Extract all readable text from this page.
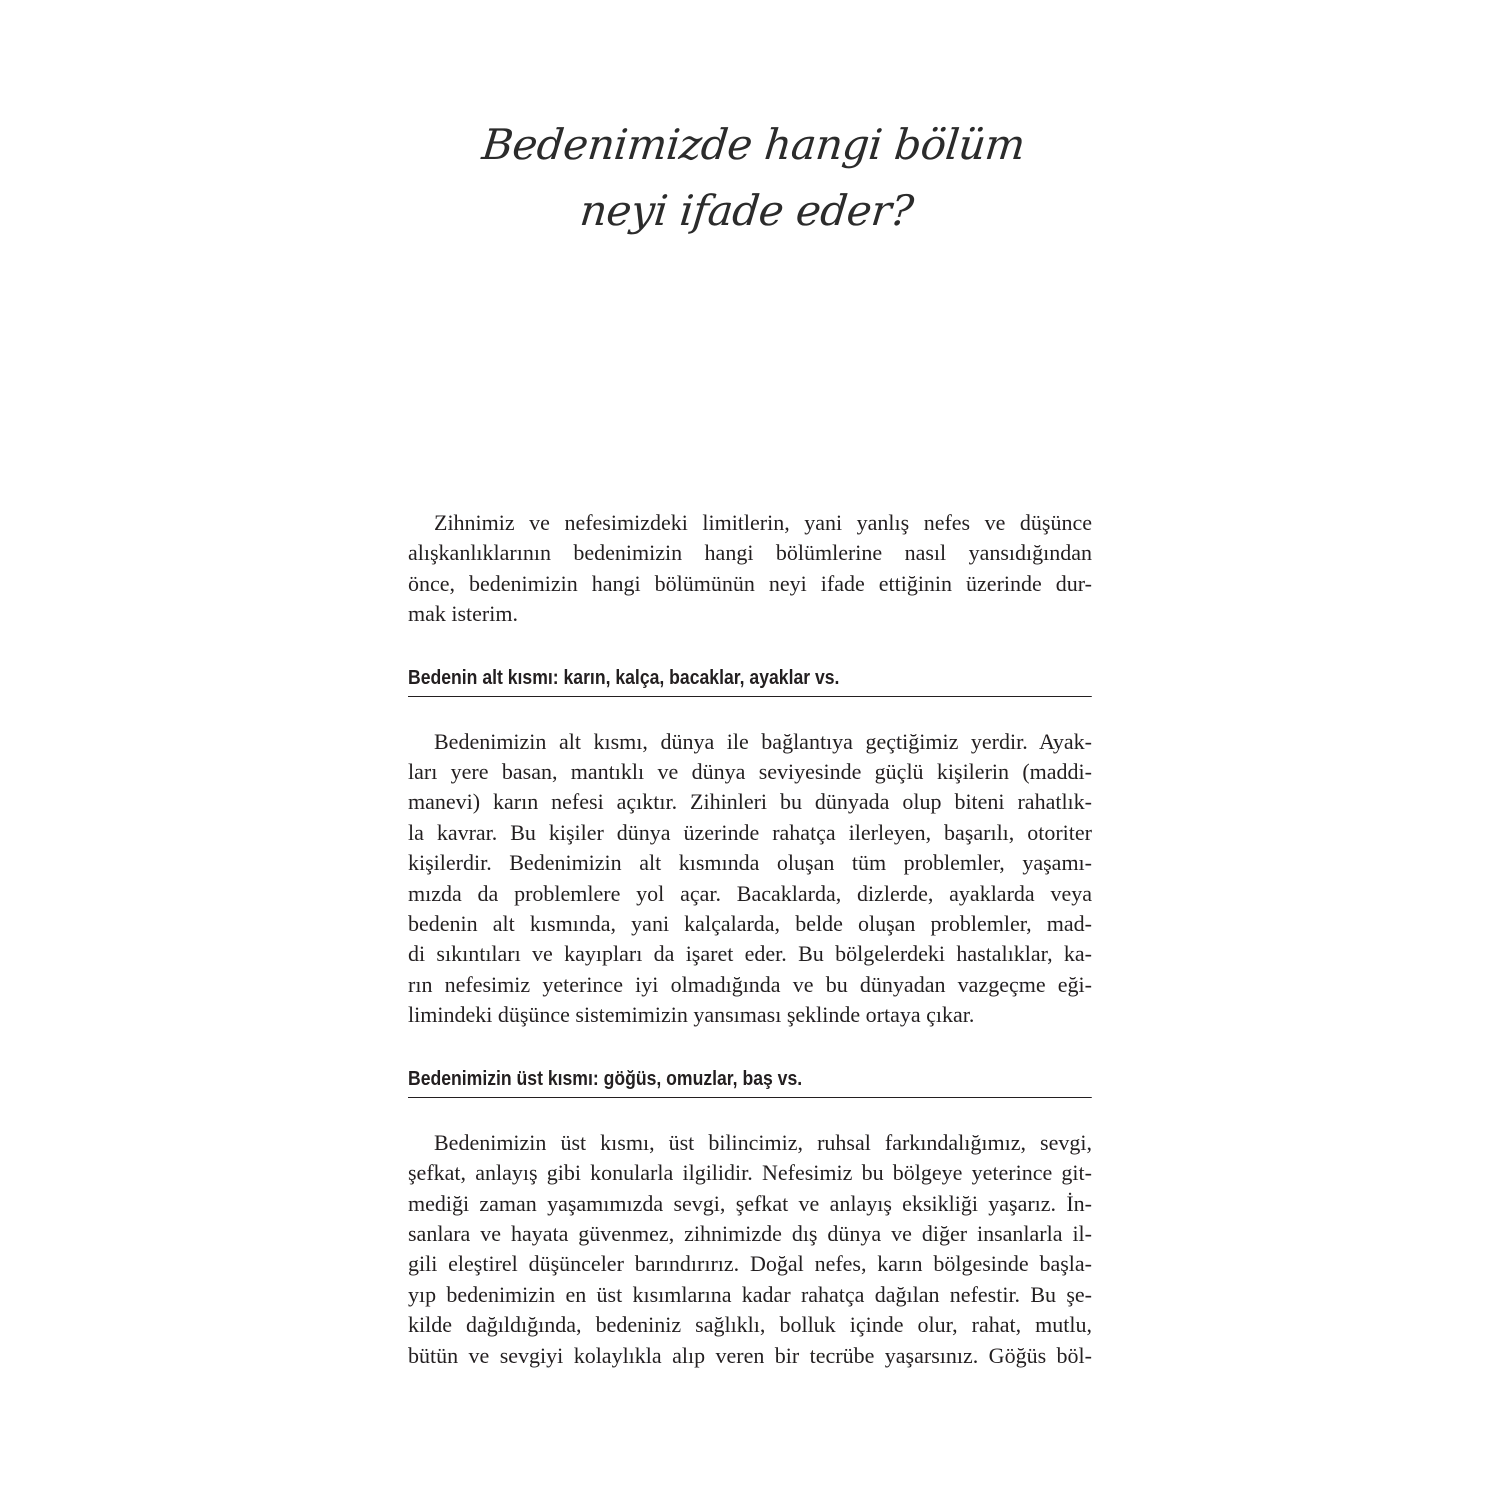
Bedenimizde hangi bölüm
neyi ifade eder?
Zihnimiz ve nefesimizdeki limitlerin, yani yanlış nefes ve düşünce
alışkanlıklarının bedenimizin hangi bölümlerine nasıl yansıdığından
önce, bedenimizin hangi bölümünün neyi ifade ettiğinin üzerinde dur-
mak isterim.
Bedenin alt kısmı: karın, kalça, bacaklar, ayaklar vs.
Bedenimizin alt kısmı, dünya ile bağlantıya geçtiğimiz yerdir. Ayak-
ları yere basan, mantıklı ve dünya seviyesinde güçlü kişilerin (maddi-
manevi) karın nefesi açıktır. Zihinleri bu dünyada olup biteni rahatlık-
la kavrar. Bu kişiler dünya üzerinde rahatça ilerleyen, başarılı, otoriter
kişilerdir. Bedenimizin alt kısmında oluşan tüm problemler, yaşamı-
mızda da problemlere yol açar. Bacaklarda, dizlerde, ayaklarda veya
bedenin alt kısmında, yani kalçalarda, belde oluşan problemler, mad-
di sıkıntıları ve kayıpları da işaret eder. Bu bölgelerdeki hastalıklar, ka-
rın nefesimiz yeterince iyi olmadığında ve bu dünyadan vazgeçme eği-
limindeki düşünce sistemimizin yansıması şeklinde ortaya çıkar.
Bedenimizin üst kısmı: göğüs, omuzlar, baş vs.
Bedenimizin üst kısmı, üst bilincimiz, ruhsal farkındalığımız, sevgi,
şefkat, anlayış gibi konularla ilgilidir. Nefesimiz bu bölgeye yeterince git-
mediği zaman yaşamımızda sevgi, şefkat ve anlayış eksikliği yaşarız. İn-
sanlara ve hayata güvenmez, zihnimizde dış dünya ve diğer insanlarla il-
gili eleştirel düşünceler barındırırız. Doğal nefes, karın bölgesinde başla-
yıp bedenimizin en üst kısımlarına kadar rahatça dağılan nefestir. Bu şe-
kilde dağıldığında, bedeniniz sağlıklı, bolluk içinde olur, rahat, mutlu,
bütün ve sevgiyi kolaylıkla alıp veren bir tecrübe yaşarsınız. Göğüs böl-
